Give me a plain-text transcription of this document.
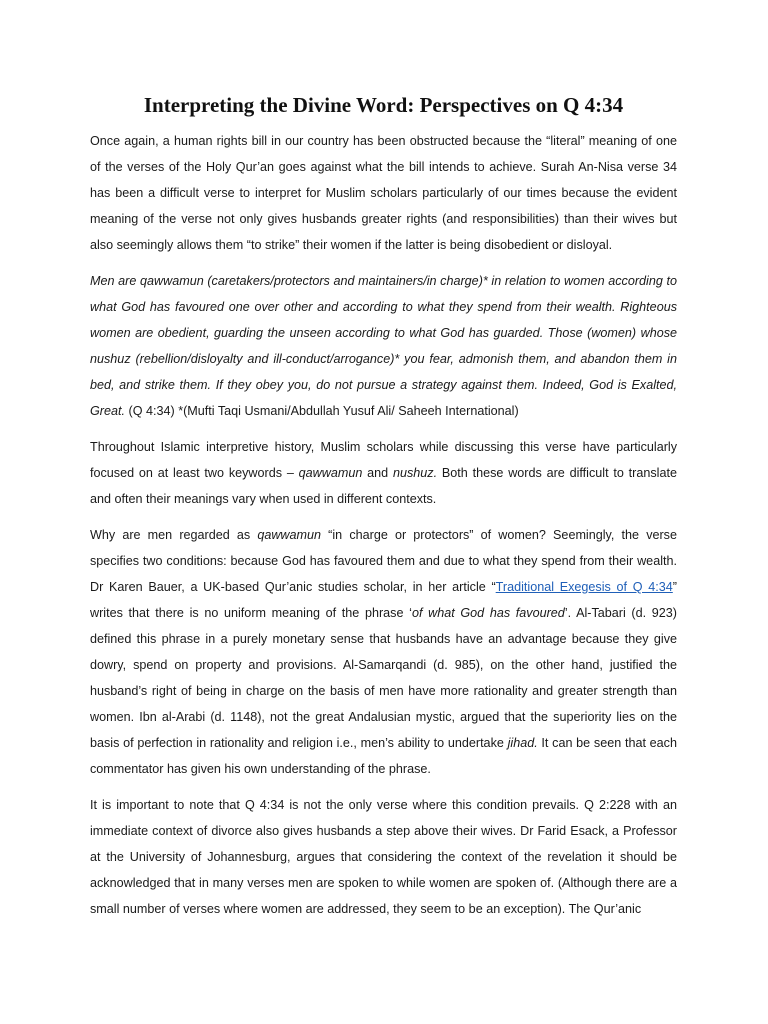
Interpreting the Divine Word: Perspectives on Q 4:34

Once again, a human rights bill in our country has been obstructed because the “literal” meaning of one of the verses of the Holy Qur’an goes against what the bill intends to achieve. Surah An-Nisa verse 34 has been a difficult verse to interpret for Muslim scholars particularly of our times because the evident meaning of the verse not only gives husbands greater rights (and responsibilities) than their wives but also seemingly allows them “to strike” their women if the latter is being disobedient or disloyal.

Men are qawwamun (caretakers/protectors and maintainers/in charge)* in relation to women according to what God has favoured one over other and according to what they spend from their wealth. Righteous women are obedient, guarding the unseen according to what God has guarded. Those (women) whose nushuz (rebellion/disloyalty and ill-conduct/arrogance)* you fear, admonish them, and abandon them in bed, and strike them. If they obey you, do not pursue a strategy against them. Indeed, God is Exalted, Great. (Q 4:34) *(Mufti Taqi Usmani/Abdullah Yusuf Ali/ Saheeh International)

Throughout Islamic interpretive history, Muslim scholars while discussing this verse have particularly focused on at least two keywords – qawwamun and nushuz. Both these words are difficult to translate and often their meanings vary when used in different contexts.

Why are men regarded as qawwamun “in charge or protectors” of women? Seemingly, the verse specifies two conditions: because God has favoured them and due to what they spend from their wealth. Dr Karen Bauer, a UK-based Qur’anic studies scholar, in her article “Traditional Exegesis of Q 4:34” writes that there is no uniform meaning of the phrase ‘of what God has favoured’. Al-Tabari (d. 923) defined this phrase in a purely monetary sense that husbands have an advantage because they give dowry, spend on property and provisions. Al-Samarqandi (d. 985), on the other hand, justified the husband’s right of being in charge on the basis of men have more rationality and greater strength than women. Ibn al-Arabi (d. 1148), not the great Andalusian mystic, argued that the superiority lies on the basis of perfection in rationality and religion i.e., men’s ability to undertake jihad. It can be seen that each commentator has given his own understanding of the phrase.

It is important to note that Q 4:34 is not the only verse where this condition prevails. Q 2:228 with an immediate context of divorce also gives husbands a step above their wives. Dr Farid Esack, a Professor at the University of Johannesburg, argues that considering the context of the revelation it should be acknowledged that in many verses men are spoken to while women are spoken of. (Although there are a small number of verses where women are addressed, they seem to be an exception). The Qur’anic
